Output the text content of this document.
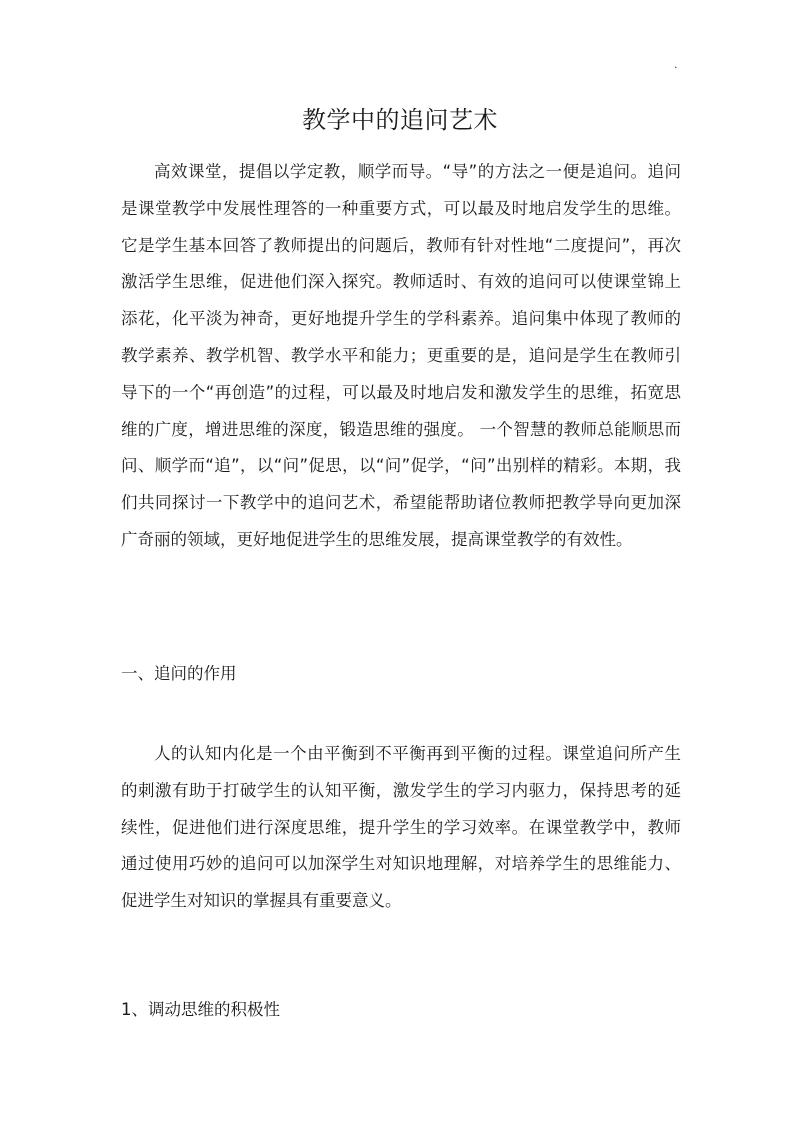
.
教学中的追问艺术

高效课堂，提倡以学定教，顺学而导。“导”的方法之一便是追问。追问是课堂教学中发展性理答的一种重要方式，可以最及时地启发学生的思维。它是学生基本回答了教师提出的问题后，教师有针对性地“二度提问”，再次激活学生思维，促进他们深入探究。教师适时、有效的追问可以使课堂锦上添花，化平淡为神奇，更好地提升学生的学科素养。追问集中体现了教师的教学素养、教学机智、教学水平和能力；更重要的是，追问是学生在教师引导下的一个“再创造”的过程，可以最及时地启发和激发学生的思维，拓宽思维的广度，增进思维的深度，锻造思维的强度。 一个智慧的教师总能顺思而问、顺学而“追”，以“问”促思，以“问”促学，“问”出别样的精彩。本期，我们共同探讨一下教学中的追问艺术，希望能帮助诸位教师把教学导向更加深广奇丽的领域，更好地促进学生的思维发展，提高课堂教学的有效性。

一、追问的作用

人的认知内化是一个由平衡到不平衡再到平衡的过程。课堂追问所产生的刺激有助于打破学生的认知平衡，激发学生的学习内驱力，保持思考的延续性，促进他们进行深度思维，提升学生的学习效率。在课堂教学中，教师通过使用巧妙的追问可以加深学生对知识地理解，对培养学生的思维能力、促进学生对知识的掌握具有重要意义。

1、调动思维的积极性
